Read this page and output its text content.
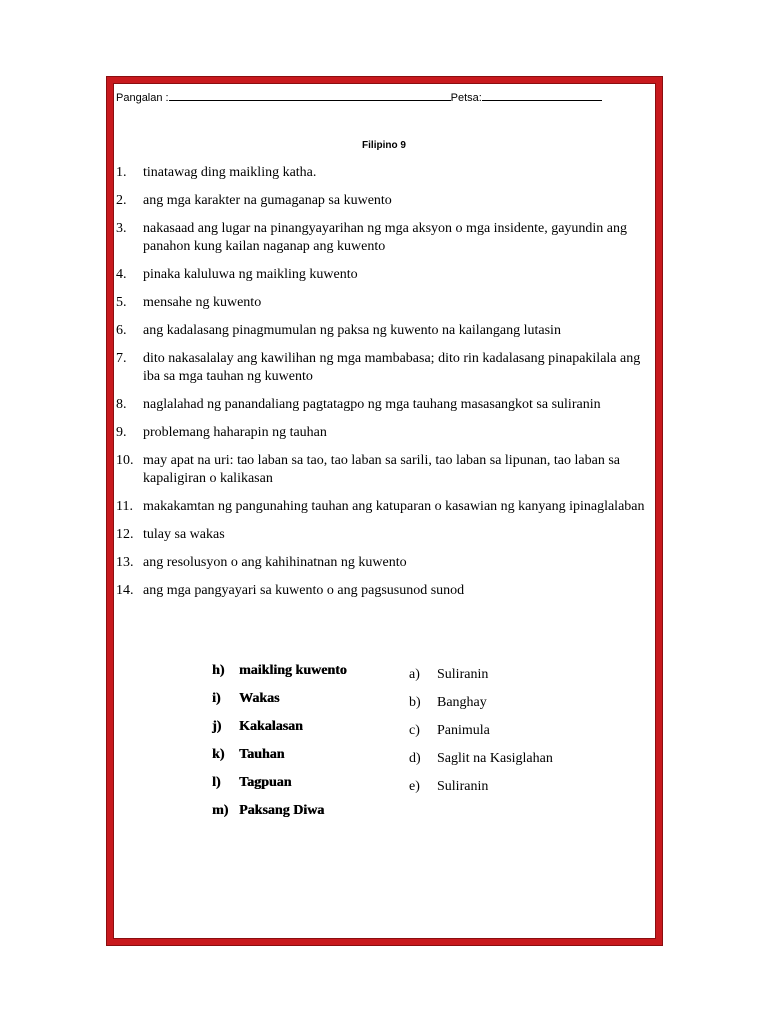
Pangalan :	Petsa:
Filipino 9
1. tinatawag ding maikling katha.
2. ang mga karakter na gumaganap sa kuwento
3. nakasaad ang lugar na pinangyayarihan ng mga aksyon o mga insidente, gayundin ang panahon kung kailan naganap ang kuwento
4. pinaka kaluluwa ng maikling kuwento
5. mensahe ng kuwento
6. ang kadalasang pinagmumulan ng paksa ng kuwento na kailangang lutasin
7. dito nakasalalay ang kawilihan ng mga mambabasa; dito rin kadalasang pinapakilala ang iba sa mga tauhan ng kuwento
8. naglalahad ng panandaliang pagtatagpo ng mga tauhang masasangkot sa suliranin
9. problemang haharapin ng tauhan
10. may apat na uri: tao laban sa tao, tao laban sa sarili, tao laban sa lipunan, tao laban sa kapaligiran o kalikasan
11. makakamtan ng pangunahing tauhan ang katuparan o kasawian ng kanyang ipinaglalaban
12. tulay sa wakas
13. ang resolusyon o ang kahihinatnan ng kuwento
14. ang mga pangyayari sa kuwento o ang pagsusunod sunod
h) maikling kuwento
i) Wakas
j) Kakalasan
k) Tauhan
l) Tagpuan
m) Paksang Diwa
a) Suliranin
b) Banghay
c) Panimula
d) Saglit na Kasiglahan
e) Suliranin
